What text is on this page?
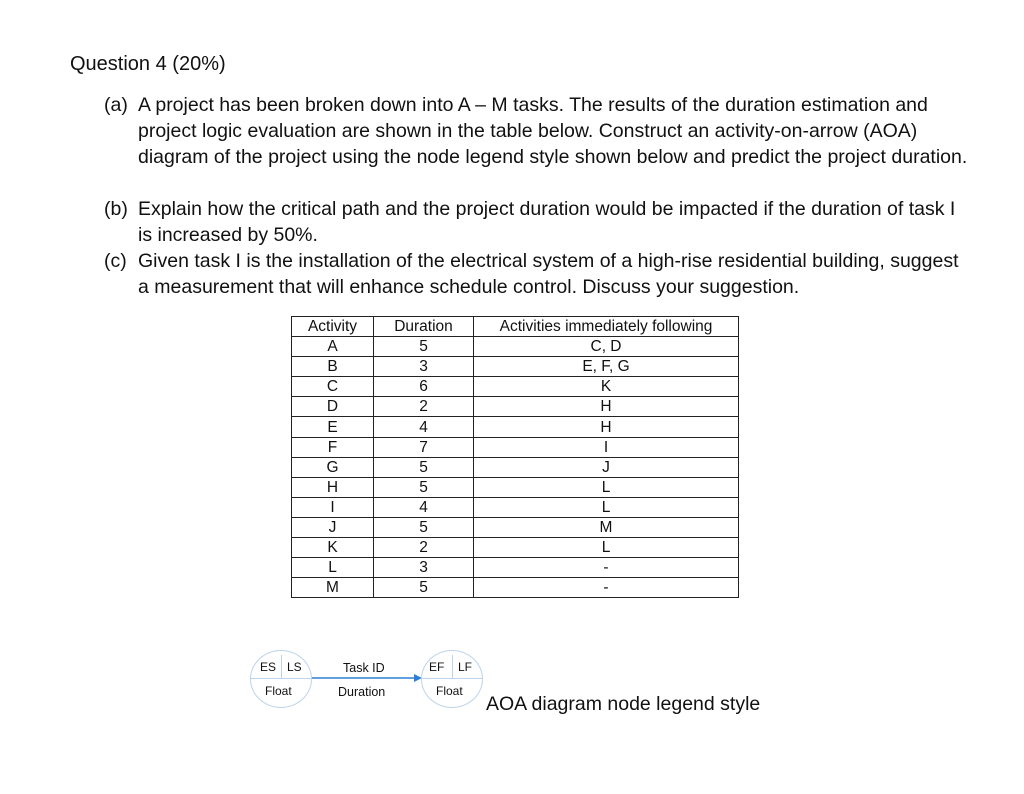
Question 4 (20%)
(a) A project has been broken down into A – M tasks. The results of the duration estimation and project logic evaluation are shown in the table below. Construct an activity-on-arrow (AOA) diagram of the project using the node legend style shown below and predict the project duration.
(b) Explain how the critical path and the project duration would be impacted if the duration of task I is increased by 50%.
(c) Given task I is the installation of the electrical system of a high-rise residential building, suggest a measurement that will enhance schedule control. Discuss your suggestion.
Activity	Duration	Activities immediately following
A	5	C, D
B	3	E, F, G
C	6	K
D	2	H
E	4	H
F	7	I
G	5	J
H	5	L
I	4	L
J	5	M
K	2	L
L	3	-
M	5	-
ES LS
Float
Task ID
Duration
EF LF
Float
AOA diagram node legend style
